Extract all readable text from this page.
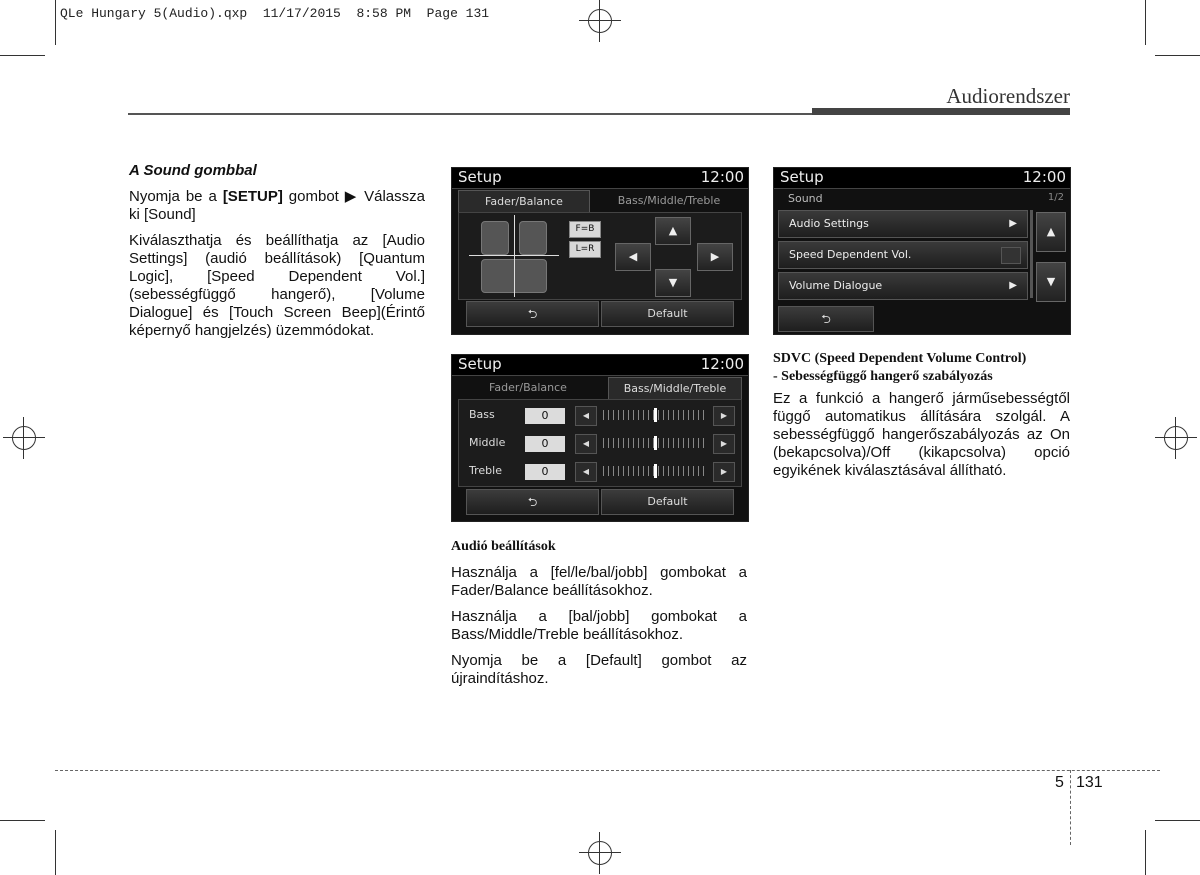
QLe Hungary 5(Audio).qxp  11/17/2015  8:58 PM  Page 131
Audiorendszer

A Sound gombbal

Nyomja be a [SETUP] gombot ▶ Válassza ki [Sound]

Kiválaszthatja és beállíthatja az [Audio Settings] (audió beállítások) [Quantum Logic], [Speed Dependent Vol.] (sebességfüggő hangerő), [Volume Dialogue] és [Touch Screen Beep](Érintő képernyő hangjelzés) üzemmódokat.

Setup	12:00
Fader/Balance	Bass/Middle/Treble
F=B
L=R
▲
◀	▶
▼
⮌	Default
Setup	12:00
Fader/Balance	Bass/Middle/Treble
Bass	0	◀	▶
Middle	0	◀	▶
Treble	0	◀	▶
⮌	Default
Setup	12:00
Sound	1/2
Audio Settings	▶
Speed Dependent Vol.
Volume Dialogue	▶
▲
▼
⮌

Audió beállítások

Használja a [fel/le/bal/jobb] gombokat a Fader/Balance beállításokhoz.

Használja a [bal/jobb] gombokat a Bass/Middle/Treble beállításokhoz.

Nyomja be a [Default] gombot az újraindításhoz.

SDVC (Speed Dependent Volume Control)
- Sebességfüggő hangerő szabályozás

Ez a funkció a hangerő járműsebességtől függő automatikus állítására szolgál. A sebességfüggő hangerőszabályozás az On (bekapcsolva)/Off (kikapcsolva) opció egyikének kiválasztásával állítható.

5 131
